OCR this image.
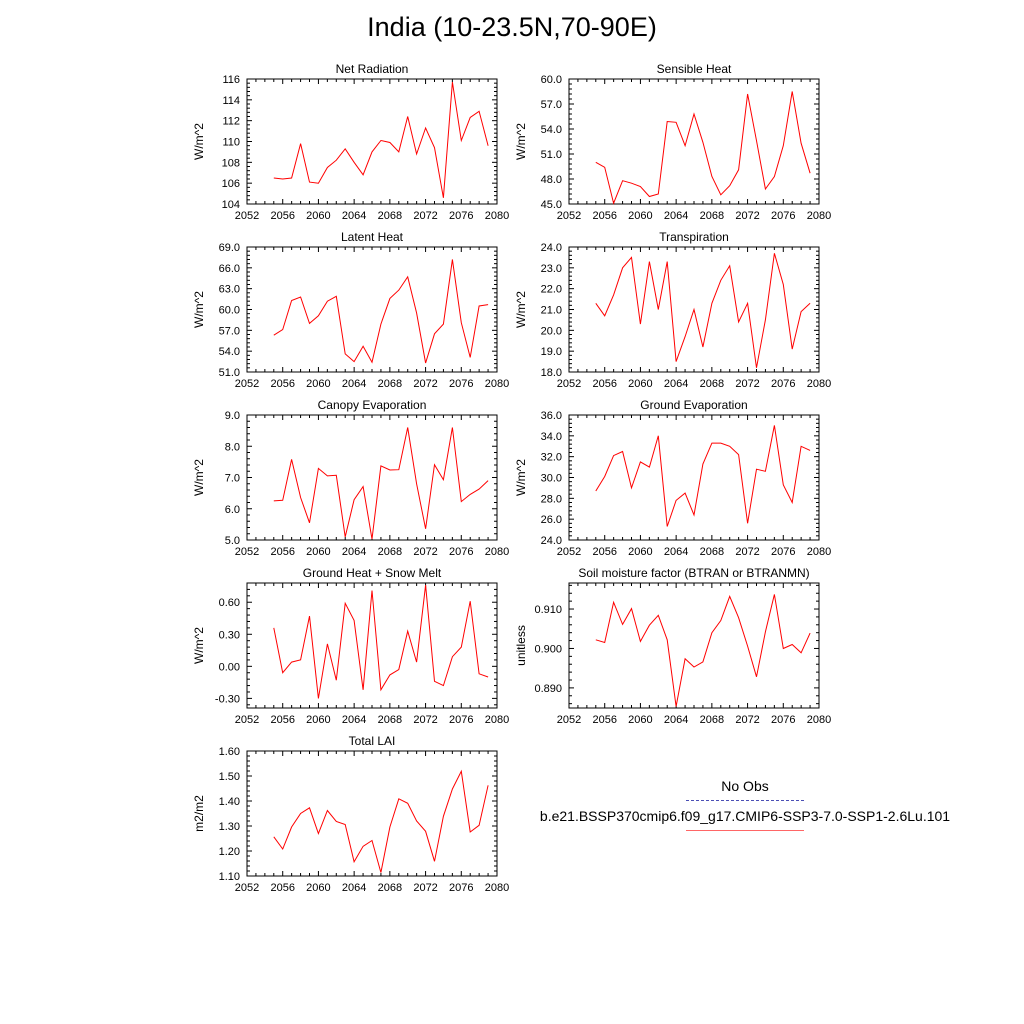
India (10-23.5N,70-90E)
Net Radiation
W/m^2
2052 2056 2060 2064 2068 2072 2076 2080
104
106
108
110
112
114
116
Sensible Heat
W/m^2
2052 2056 2060 2064 2068 2072 2076 2080
45.0
48.0
51.0
54.0
57.0
60.0
Latent Heat
W/m^2
2052 2056 2060 2064 2068 2072 2076 2080
51.0
54.0
57.0
60.0
63.0
66.0
69.0
Transpiration
W/m^2
2052 2056 2060 2064 2068 2072 2076 2080
18.0
19.0
20.0
21.0
22.0
23.0
24.0
Canopy Evaporation
W/m^2
2052 2056 2060 2064 2068 2072 2076 2080
5.0
6.0
7.0
8.0
9.0
Ground Evaporation
W/m^2
2052 2056 2060 2064 2068 2072 2076 2080
24.0
26.0
28.0
30.0
32.0
34.0
36.0
Ground Heat + Snow Melt
W/m^2
2052 2056 2060 2064 2068 2072 2076 2080
-0.30
0.00
0.30
0.60
Soil moisture factor (BTRAN or BTRANMN)
unitless
2052 2056 2060 2064 2068 2072 2076 2080
0.890
0.900
0.910
Total LAI
m2/m2
2052 2056 2060 2064 2068 2072 2076 2080
1.10
1.20
1.30
1.40
1.50
1.60
No Obs
b.e21.BSSP370cmip6.f09_g17.CMIP6-SSP3-7.0-SSP1-2.6Lu.101
